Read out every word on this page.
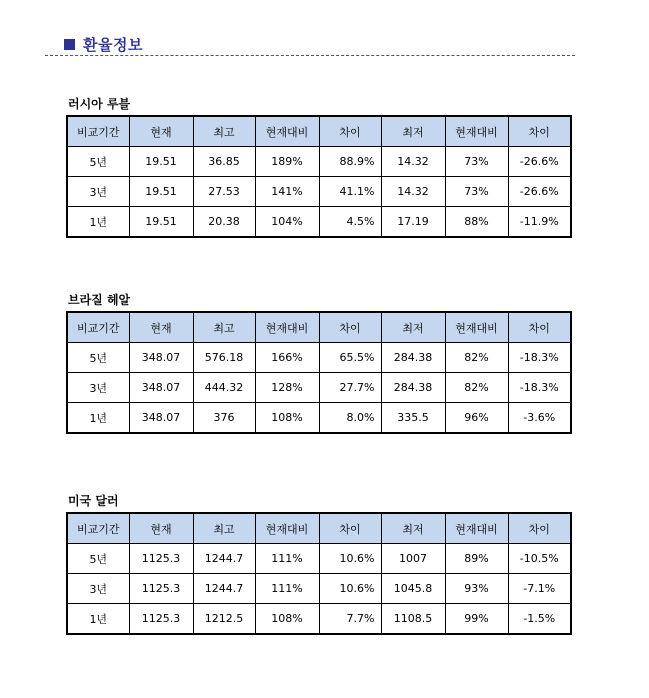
환율정보
러시아 루블
비교기간	현재	최고	현재대비	차이	최저	현재대비	차이
5년	19.51	36.85	189%	88.9%	14.32	73%	-26.6%
3년	19.51	27.53	141%	41.1%	14.32	73%	-26.6%
1년	19.51	20.38	104%	4.5%	17.19	88%	-11.9%
브라질 헤알
비교기간	현재	최고	현재대비	차이	최저	현재대비	차이
5년	348.07	576.18	166%	65.5%	284.38	82%	-18.3%
3년	348.07	444.32	128%	27.7%	284.38	82%	-18.3%
1년	348.07	376	108%	8.0%	335.5	96%	-3.6%
미국 달러
비교기간	현재	최고	현재대비	차이	최저	현재대비	차이
5년	1125.3	1244.7	111%	10.6%	1007	89%	-10.5%
3년	1125.3	1244.7	111%	10.6%	1045.8	93%	-7.1%
1년	1125.3	1212.5	108%	7.7%	1108.5	99%	-1.5%
